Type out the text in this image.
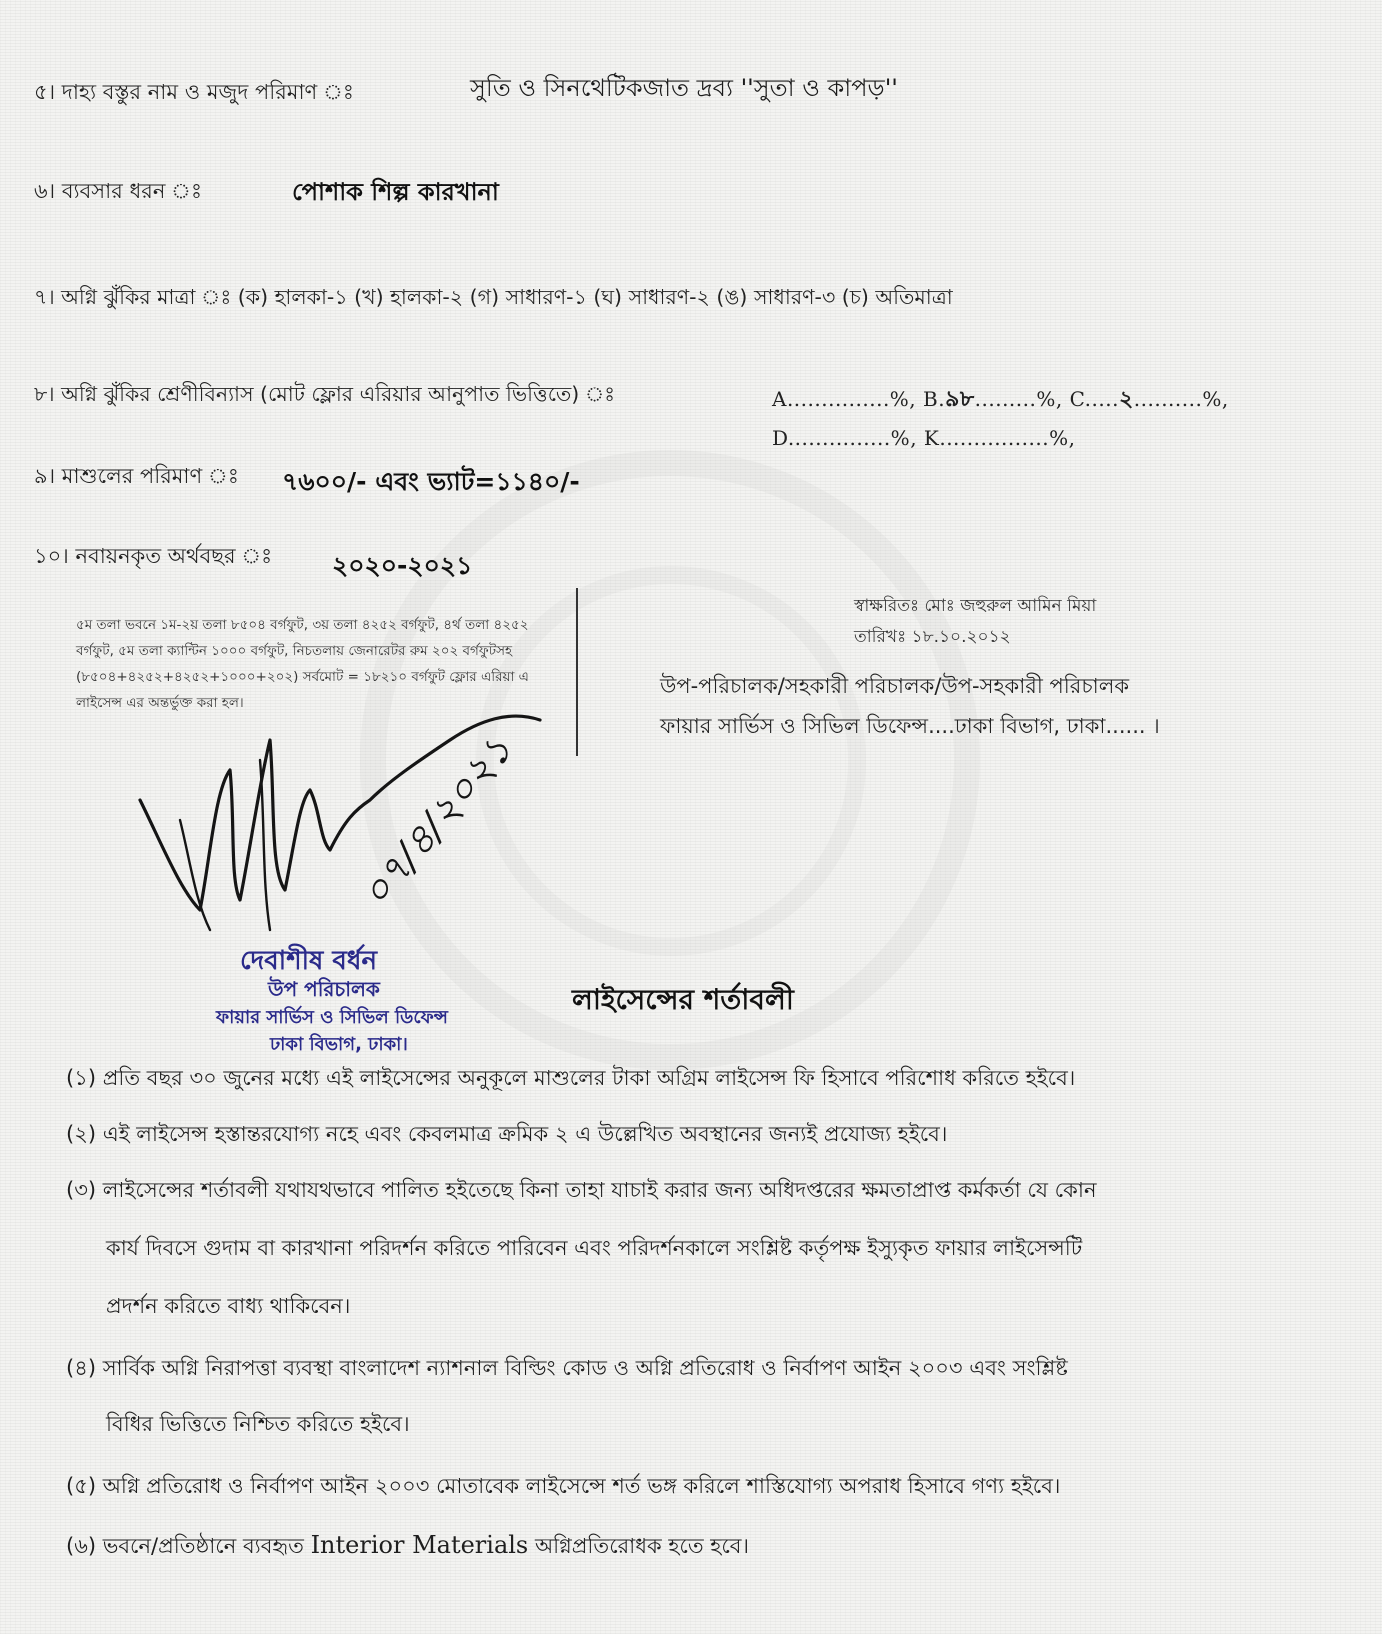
৫। দাহ্য বস্তুর নাম ও মজুদ পরিমাণ ঃ	সুতি ও সিনথেটিকজাত দ্রব্য ''সুতা ও কাপড়''
৬। ব্যবসার ধরন ঃ	পোশাক শিল্প কারখানা
৭। অগ্নি ঝুঁকির মাত্রা ঃ (ক) হালকা-১ (খ) হালকা-২ (গ) সাধারণ-১ (ঘ) সাধারণ-২ (ঙ) সাধারণ-৩ (চ) অতিমাত্রা
৮। অগ্নি ঝুঁকির শ্রেণীবিন্যাস (মোট ফ্লোর এরিয়ার আনুপাত ভিত্তিতে) ঃ	A...............%, B.৯৮.........%, C.....২..........%,
D...............%, K................%,
৯। মাশুলের পরিমাণ ঃ ৭৬০০/- এবং ভ্যাট=১১৪০/-
১০। নবায়নকৃত অর্থবছর ঃ ২০২০-২০২১
৫ম তলা ভবনে ১ম-২য় তলা ৮৫০৪ বর্গফুট, ৩য় তলা ৪২৫২ বর্গফুট, ৪র্থ তলা ৪২৫২ বর্গফুট, ৫ম তলা ক্যান্টিন ১০০০ বর্গফুট, নিচতলায় জেনারেটর রুম ২০২ বর্গফুটসহ (৮৫০৪+৪২৫২+৪২৫২+১০০০+২০২) সর্বমোট = ১৮২১০ বর্গফুট ফ্লোর এরিয়া এ লাইসেন্স এর অন্তর্ভুক্ত করা হল।
স্বাক্ষরিতঃ মোঃ জহুরুল আমিন মিয়া
তারিখঃ ১৮.১০.২০১২
উপ-পরিচালক/সহকারী পরিচালক/উপ-সহকারী পরিচালক
ফায়ার সার্ভিস ও সিভিল ডিফেন্স....ঢাকা বিভাগ, ঢাকা...... ।
০৭/৪/২০২১
দেবাশীষ বর্ধন
উপ পরিচালক
ফায়ার সার্ভিস ও সিভিল ডিফেন্স
ঢাকা বিভাগ, ঢাকা।
লাইসেন্সের শর্তাবলী
(১) প্রতি বছর ৩০ জুনের মধ্যে এই লাইসেন্সের অনুকূলে মাশুলের টাকা অগ্রিম লাইসেন্স ফি হিসাবে পরিশোধ করিতে হইবে।
(২) এই লাইসেন্স হস্তান্তরযোগ্য নহে এবং কেবলমাত্র ক্রমিক ২ এ উল্লেখিত অবস্থানের জন্যই প্রযোজ্য হইবে।
(৩) লাইসেন্সের শর্তাবলী যথাযথভাবে পালিত হইতেছে কিনা তাহা যাচাই করার জন্য অধিদপ্তরের ক্ষমতাপ্রাপ্ত কর্মকর্তা যে কোন
কার্য দিবসে গুদাম বা কারখানা পরিদর্শন করিতে পারিবেন এবং পরিদর্শনকালে সংশ্লিষ্ট কর্তৃপক্ষ ইস্যুকৃত ফায়ার লাইসেন্সটি
প্রদর্শন করিতে বাধ্য থাকিবেন।
(৪) সার্বিক অগ্নি নিরাপত্তা ব্যবস্থা বাংলাদেশ ন্যাশনাল বিল্ডিং কোড ও অগ্নি প্রতিরোধ ও নির্বাপণ আইন ২০০৩ এবং সংশ্লিষ্ট
বিধির ভিত্তিতে নিশ্চিত করিতে হইবে।
(৫) অগ্নি প্রতিরোধ ও নির্বাপণ আইন ২০০৩ মোতাবেক লাইসেন্সে শর্ত ভঙ্গ করিলে শাস্তিযোগ্য অপরাধ হিসাবে গণ্য হইবে।
(৬) ভবনে/প্রতিষ্ঠানে ব্যবহৃত Interior Materials অগ্নিপ্রতিরোধক হতে হবে।
